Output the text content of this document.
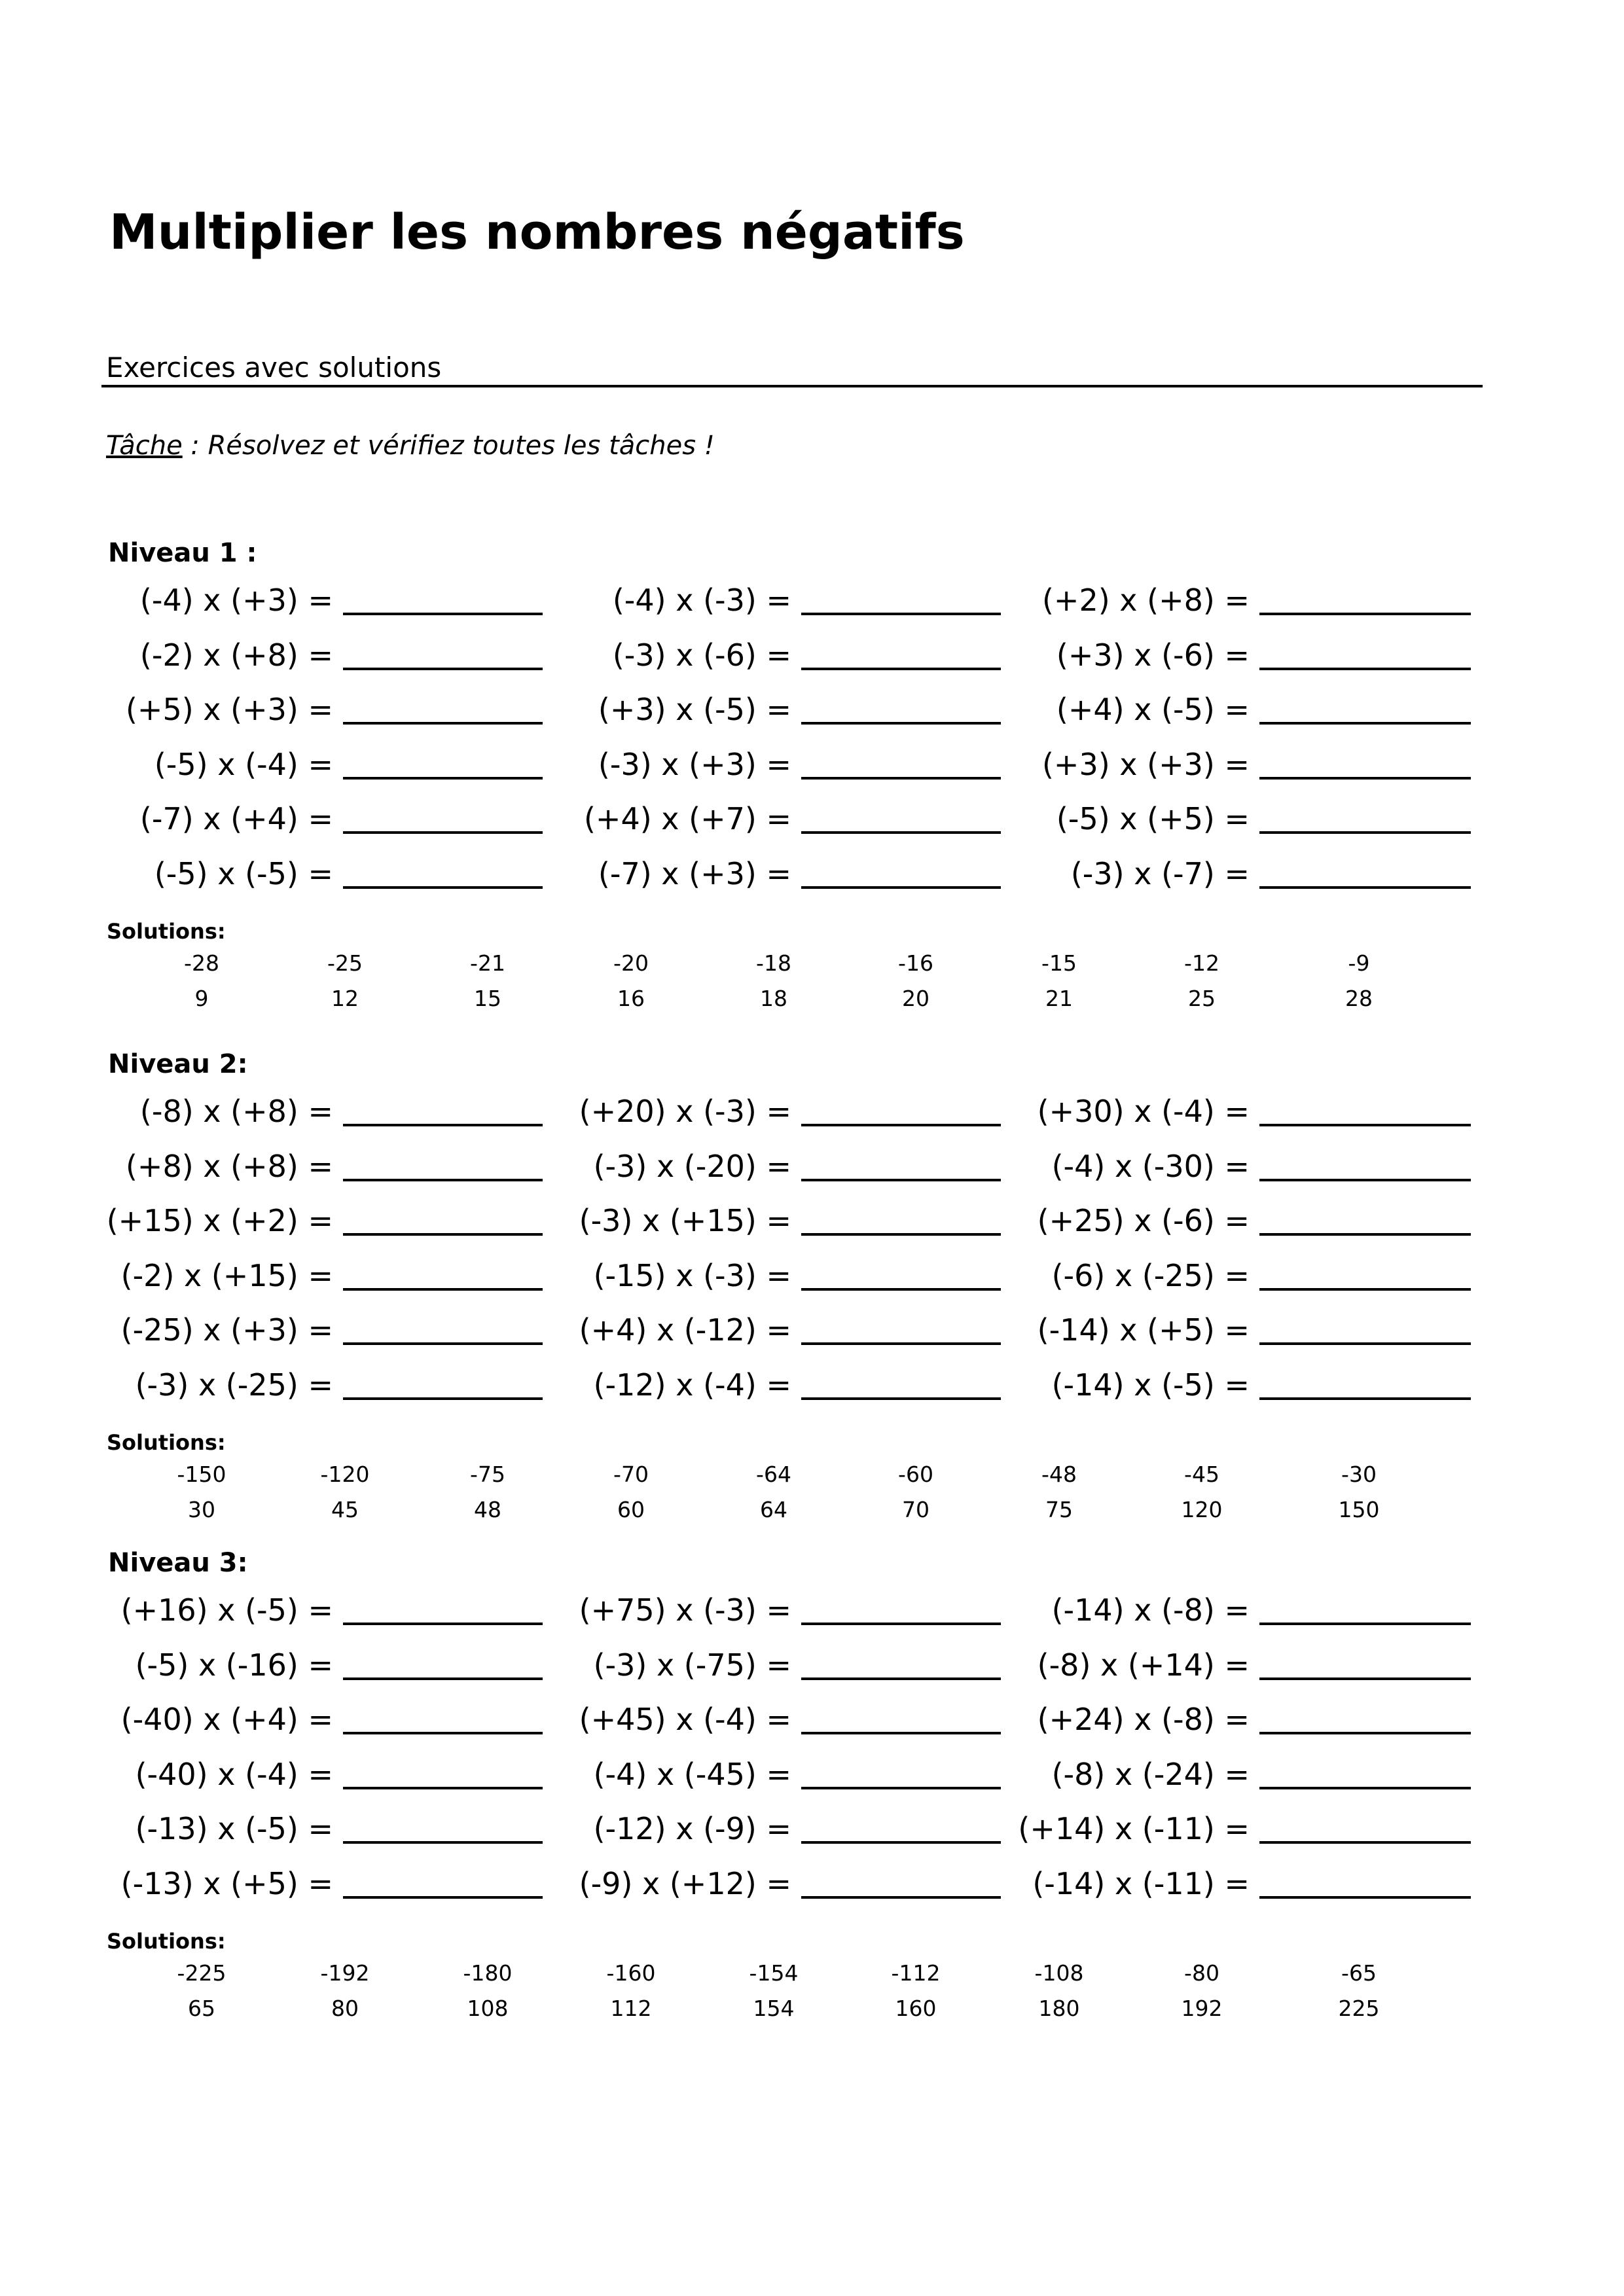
Multiplier les nombres négatifs
Exercices avec solutions
Tâche : Résolvez et vérifiez toutes les tâches !
Niveau 1 :
(-4) x (+3) =	(-4) x (-3) =	(+2) x (+8) =
(-2) x (+8) =	(-3) x (-6) =	(+3) x (-6) =
(+5) x (+3) =	(+3) x (-5) =	(+4) x (-5) =
(-5) x (-4) =	(-3) x (+3) =	(+3) x (+3) =
(-7) x (+4) =	(+4) x (+7) =	(-5) x (+5) =
(-5) x (-5) =	(-7) x (+3) =	(-3) x (-7) =
Solutions:
-28	-25	-21	-20	-18	-16	-15	-12	-9
9	12	15	16	18	20	21	25	28
Niveau 2:
(-8) x (+8) =	(+20) x (-3) =	(+30) x (-4) =
(+8) x (+8) =	(-3) x (-20) =	(-4) x (-30) =
(+15) x (+2) =	(-3) x (+15) =	(+25) x (-6) =
(-2) x (+15) =	(-15) x (-3) =	(-6) x (-25) =
(-25) x (+3) =	(+4) x (-12) =	(-14) x (+5) =
(-3) x (-25) =	(-12) x (-4) =	(-14) x (-5) =
Solutions:
-150	-120	-75	-70	-64	-60	-48	-45	-30
30	45	48	60	64	70	75	120	150
Niveau 3:
(+16) x (-5) =	(+75) x (-3) =	(-14) x (-8) =
(-5) x (-16) =	(-3) x (-75) =	(-8) x (+14) =
(-40) x (+4) =	(+45) x (-4) =	(+24) x (-8) =
(-40) x (-4) =	(-4) x (-45) =	(-8) x (-24) =
(-13) x (-5) =	(-12) x (-9) =	(+14) x (-11) =
(-13) x (+5) =	(-9) x (+12) =	(-14) x (-11) =
Solutions:
-225	-192	-180	-160	-154	-112	-108	-80	-65
65	80	108	112	154	160	180	192	225
